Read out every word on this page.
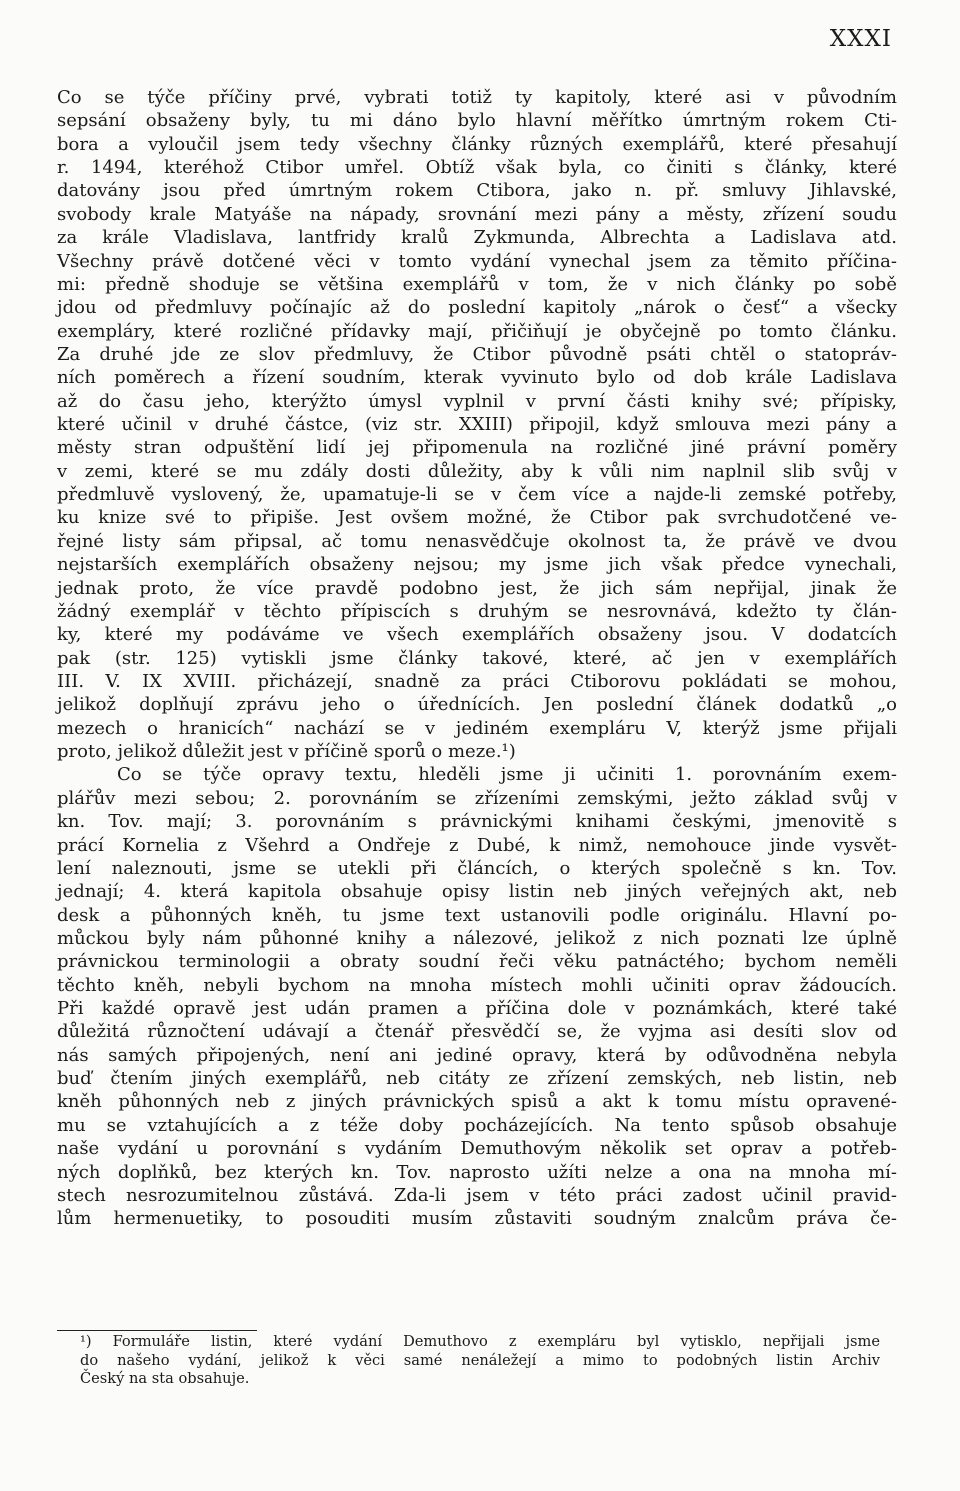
XXXI
Co se týče příčiny prvé, vybrati totiž ty kapitoly, které asi v původním
sepsání obsaženy byly, tu mi dáno bylo hlavní měřítko úmrtným rokem Cti-
bora a vyloučil jsem tedy všechny články různých exemplářů, které přesahují
r. 1494, kteréhož Ctibor umřel. Obtíž však byla, co činiti s články, které
datovány jsou před úmrtným rokem Ctibora, jako n. př. smluvy Jihlavské,
svobody krale Matyáše na nápady, srovnání mezi pány a městy, zřízení soudu
za krále Vladislava, lantfridy kralů Zykmunda, Albrechta a Ladislava atd.
Všechny právě dotčené věci v tomto vydání vynechal jsem za těmito příčina-
mi: předně shoduje se většina exemplářů v tom, že v nich články po sobě
jdou od předmluvy počínajíc až do poslední kapitoly „nárok o česť“ a všecky
exempláry, které rozličné přídavky mají, přičiňují je obyčejně po tomto článku.
Za druhé jde ze slov předmluvy, že Ctibor původně psáti chtěl o statopráv-
ních poměrech a řízení soudním, kterak vyvinuto bylo od dob krále Ladislava
až do času jeho, kterýžto úmysl vyplnil v první části knihy své; přípisky,
které učinil v druhé částce, (viz str. XXIII) připojil, když smlouva mezi pány a
městy stran odpuštění lidí jej připomenula na rozličné jiné právní poměry
v zemi, které se mu zdály dosti důležity, aby k vůli nim naplnil slib svůj v
předmluvě vyslovený, že, upamatuje-li se v čem více a najde-li zemské potřeby,
ku knize své to připiše. Jest ovšem možné, že Ctibor pak svrchudotčené ve-
řejné listy sám připsal, ač tomu nenasvědčuje okolnost ta, že právě ve dvou
nejstarších exemplářích obsaženy nejsou; my jsme jich však předce vynechali,
jednak proto, že více pravdě podobno jest, že jich sám nepřijal, jinak že
žádný exemplář v těchto přípiscích s druhým se nesrovnává, kdežto ty člán-
ky, které my podáváme ve všech exemplářích obsaženy jsou. V dodatcích
pak (str. 125) vytiskli jsme články takové, které, ač jen v exemplářích
III. V. IX XVIII. přicházejí, snadně za práci Ctiborovu pokládati se mohou,
jelikož doplňují zprávu jeho o úřednících. Jen poslední článek dodatků „o
mezech o hranicích“ nachází se v jediném exempláru V, kterýž jsme přijali
proto, jelikož důležit jest v příčině sporů o meze.¹)
Co se týče opravy textu, hleděli jsme ji učiniti 1. porovnáním exem-
plářův mezi sebou; 2. porovnáním se zřízeními zemskými, ježto základ svůj v
kn. Tov. mají; 3. porovnáním s právnickými knihami českými, jmenovitě s
prácí Kornelia z Všehrd a Ondřeje z Dubé, k nimž, nemohouce jinde vysvět-
lení naleznouti, jsme se utekli při článcích, o kterých společně s kn. Tov.
jednají; 4. která kapitola obsahuje opisy listin neb jiných veřejných akt, neb
desk a půhonných kněh, tu jsme text ustanovili podle originálu. Hlavní po-
můckou byly nám půhonné knihy a nálezové, jelikož z nich poznati lze úplně
právnickou terminologii a obraty soudní řeči věku patnáctého; bychom neměli
těchto kněh, nebyli bychom na mnoha místech mohli učiniti oprav žádoucích.
Při každé opravě jest udán pramen a příčina dole v poznámkách, které také
důležitá různočtení udávají a čtenář přesvědčí se, že vyjma asi desíti slov od
nás samých připojených, není ani jediné opravy, která by odůvodněna nebyla
buď čtením jiných exemplářů, neb citáty ze zřízení zemských, neb listin, neb
kněh půhonných neb z jiných právnických spisů a akt k tomu místu opravené-
mu se vztahujících a z téže doby pocházejících. Na tento spůsob obsahuje
naše vydání u porovnání s vydáním Demuthovým několik set oprav a potřeb-
ných doplňků, bez kterých kn. Tov. naprosto užíti nelze a ona na mnoha mí-
stech nesrozumitelnou zůstává. Zda-li jsem v této práci zadost učinil pravid-
lům hermenuetiky, to posouditi musím zůstaviti soudným znalcům práva če-
¹) Formuláře listin, které vydání Demuthovo z exempláru byl vytisklo, nepřijali jsme
do našeho vydání, jelikož k věci samé nenáležejí a mimo to podobných listin Archiv
Český na sta obsahuje.
